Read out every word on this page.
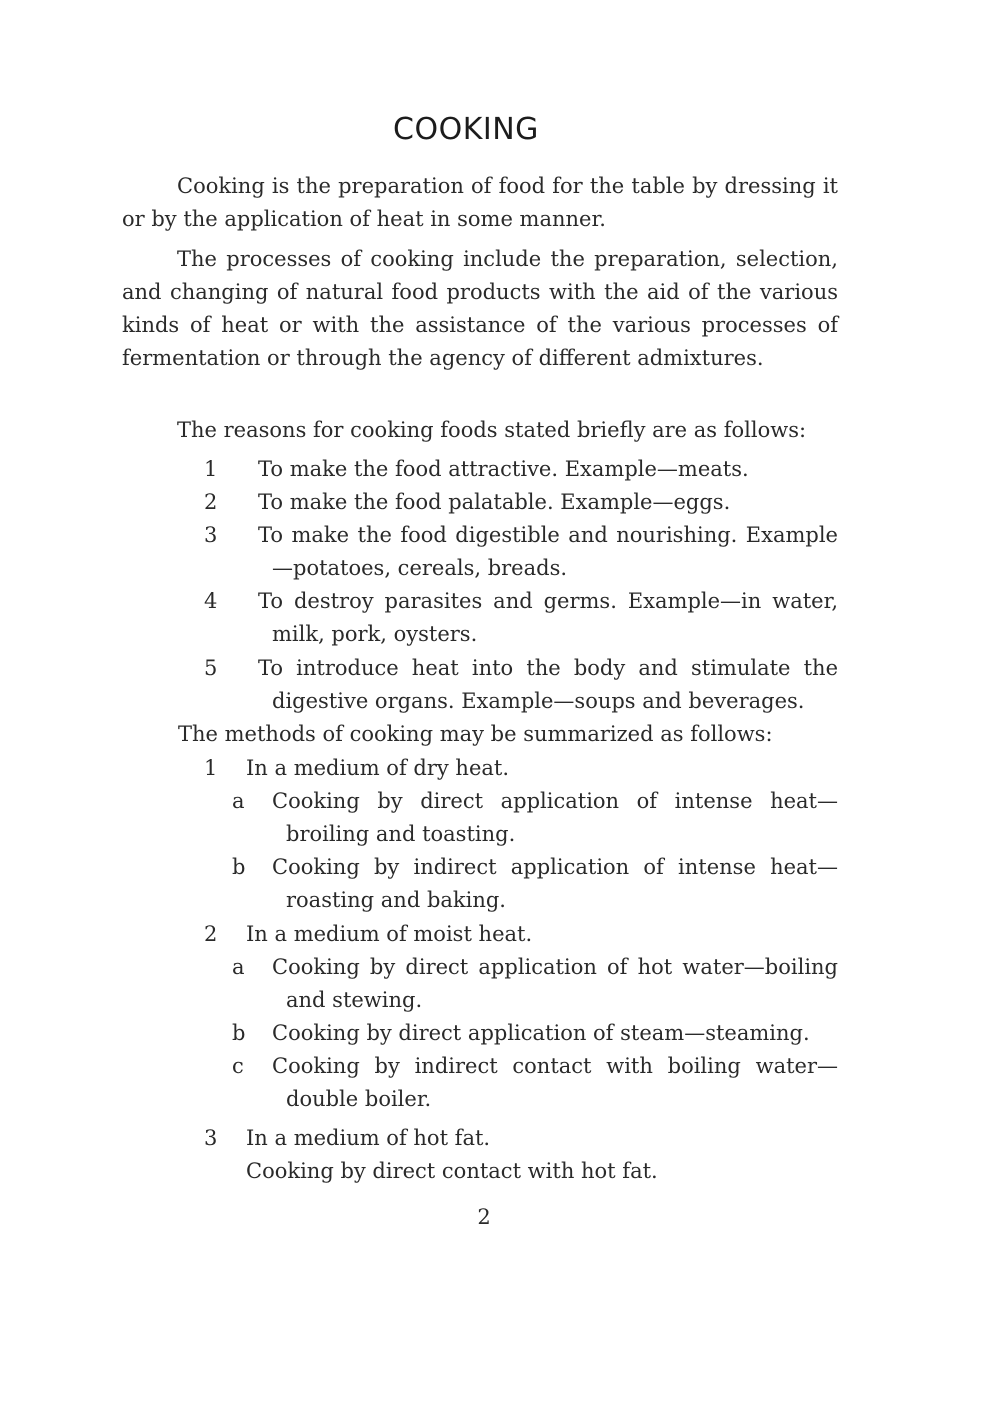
COOKING
Cooking is the preparation of food for the table by dressing it or by the application of heat in some manner.
The processes of cooking include the preparation, selection, and changing of natural food products with the aid of the various kinds of heat or with the assistance of the various processes of fermentation or through the agency of different admixtures.
The reasons for cooking foods stated briefly are as follows:
1	To make the food attractive. Example—meats.
2	To make the food palatable. Example—eggs.
3	To make the food digestible and nourishing. Example—potatoes, cereals, breads.
4	To destroy parasites and germs. Example—in water, milk, pork, oysters.
5	To introduce heat into the body and stimulate the digestive organs. Example—soups and beverages.
The methods of cooking may be summarized as follows:
1	In a medium of dry heat.
a	Cooking by direct application of intense heat—broiling and toasting.
b	Cooking by indirect application of intense heat—roasting and baking.
2	In a medium of moist heat.
a	Cooking by direct application of hot water—boiling and stewing.
b	Cooking by direct application of steam—steaming.
c	Cooking by indirect contact with boiling water—double boiler.
3	In a medium of hot fat.
Cooking by direct contact with hot fat.
2
